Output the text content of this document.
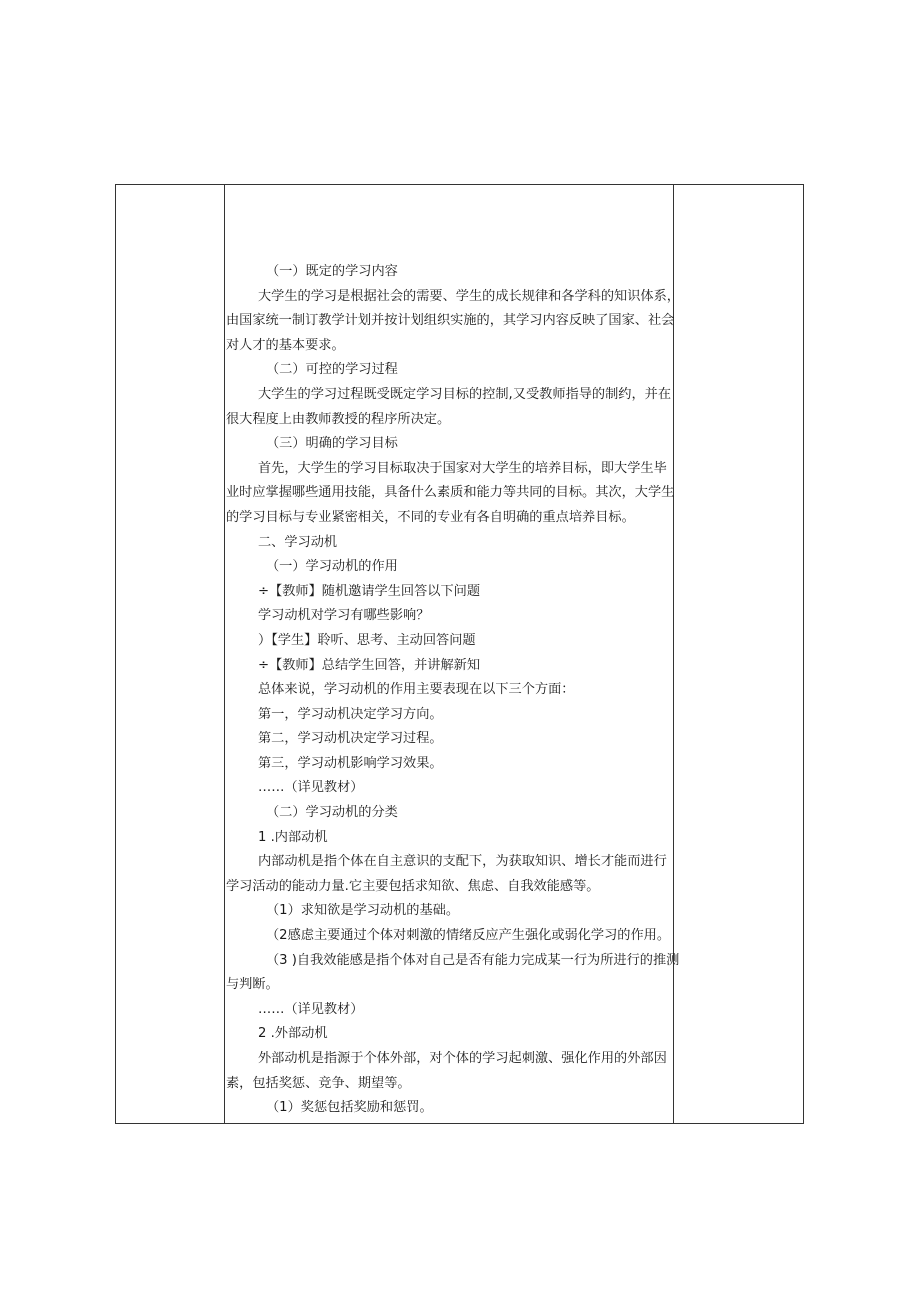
（一）既定的学习内容

大学生的学习是根据社会的需要、学生的成长规律和各学科的知识体系，

由国家统一制订教学计划并按计划组织实施的，其学习内容反映了国家、社会

对人才的基本要求。

（二）可控的学习过程

大学生的学习过程既受既定学习目标的控制,又受教师指导的制约，并在

很大程度上由教师教授的程序所决定。

（三）明确的学习目标

首先，大学生的学习目标取决于国家对大学生的培养目标，即大学生毕

业时应掌握哪些通用技能，具备什么素质和能力等共同的目标。其次，大学生

的学习目标与专业紧密相关，不同的专业有各自明确的重点培养目标。

二、学习动机

（一）学习动机的作用

÷【教师】随机邀请学生回答以下问题

学习动机对学习有哪些影响？

）【学生】聆听、思考、主动回答问题

÷【教师】总结学生回答，并讲解新知

总体来说，学习动机的作用主要表现在以下三个方面：

第一，学习动机决定学习方向。

第二，学习动机决定学习过程。

第三，学习动机影响学习效果。

……（详见教材）

（二）学习动机的分类

1 .内部动机

内部动机是指个体在自主意识的支配下，为获取知识、增长才能而进行

学习活动的能动力量.它主要包括求知欲、焦虑、自我效能感等。

（1）求知欲是学习动机的基础。

（2感虑主要通过个体对刺激的情绪反应产生强化或弱化学习的作用。

（3 )自我效能感是指个体对自己是否有能力完成某一行为所进行的推测

与判断。

……（详见教材）

2 .外部动机

外部动机是指源于个体外部，对个体的学习起刺激、强化作用的外部因

素，包括奖惩、竞争、期望等。

（1）奖惩包括奖励和惩罚。
